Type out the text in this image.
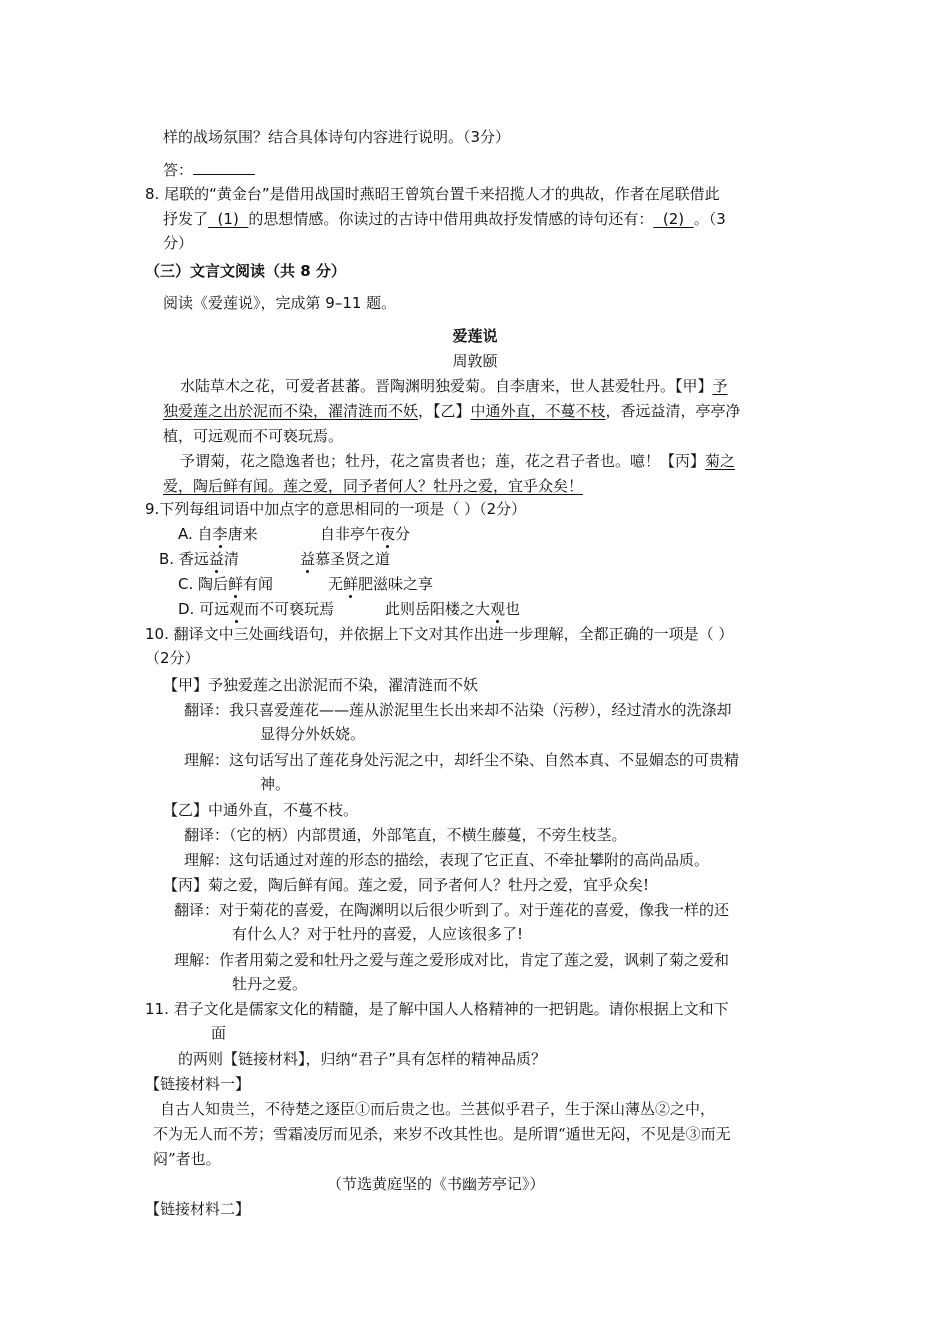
样的战场氛围？结合具体诗句内容进行说明。（3分）
答：
8. 尾联的“黄金台”是借用战国时燕昭王曾筑台置千来招揽人才的典故，作者在尾联借此
抒发了  (1)  的思想情感。你读过的古诗中借用典故抒发情感的诗句还有：  (2)  。（3
分）
（三）文言文阅读（共 8 分）
阅读《爱莲说》，完成第 9–11 题。
爱莲说
周敦颐
水陆草木之花，可爱者甚蕃。晋陶渊明独爱菊。自李唐来，世人甚爱牡丹。【甲】予
独爱莲之出於泥而不染，濯清涟而不妖，【乙】中通外直，不蔓不枝，香远益清，亭亭净
植，可远观而不可亵玩焉。
予谓菊，花之隐逸者也；牡丹，花之富贵者也；莲，花之君子者也。噫！【丙】菊之
爱，陶后鲜有闻。莲之爱，同予者何人？牡丹之爱，宜乎众矣！
9.下列每组词语中加点字的意思相同的一项是（ ）（2分）
A. 自李唐来	自非亭午夜分
B. 香远益清	益慕圣贤之道
C. 陶后鲜有闻	无鲜肥滋味之享
D. 可远观而不可亵玩焉	此则岳阳楼之大观也
10. 翻译文中三处画线语句，并依据上下文对其作出进一步理解，全都正确的一项是（ ）
（2分）
【甲】予独爱莲之出淤泥而不染，濯清涟而不妖
翻译：我只喜爱莲花——莲从淤泥里生长出来却不沾染（污秽），经过清水的洗涤却
显得分外妖娆。
理解：这句话写出了莲花身处污泥之中，却纤尘不染、自然本真、不显媚态的可贵精
神。
【乙】中通外直，不蔓不枝。
翻译：（它的柄）内部贯通，外部笔直，不横生藤蔓，不旁生枝茎。
理解：这句话通过对莲的形态的描绘，表现了它正直、不牵扯攀附的高尚品质。
【丙】菊之爱，陶后鲜有闻。莲之爱，同予者何人？牡丹之爱，宜乎众矣!
翻译：对于菊花的喜爱，在陶渊明以后很少听到了。对于莲花的喜爱，像我一样的还
有什么人？对于牡丹的喜爱，人应该很多了!
理解：作者用菊之爱和牡丹之爱与莲之爱形成对比，肯定了莲之爱，讽刺了菊之爱和
牡丹之爱。
11. 君子文化是儒家文化的精髓，是了解中国人人格精神的一把钥匙。请你根据上文和下
面
的两则【链接材料】，归纳“君子”具有怎样的精神品质？
【链接材料一】
自古人知贵兰，不待楚之逐臣①而后贵之也。兰甚似乎君子，生于深山薄丛②之中，
不为无人而不芳；雪霜凌厉而见杀，来岁不改其性也。是所谓“遁世无闷，不见是③而无
闷”者也。
（节选黄庭坚的《书幽芳亭记》）
【链接材料二】
